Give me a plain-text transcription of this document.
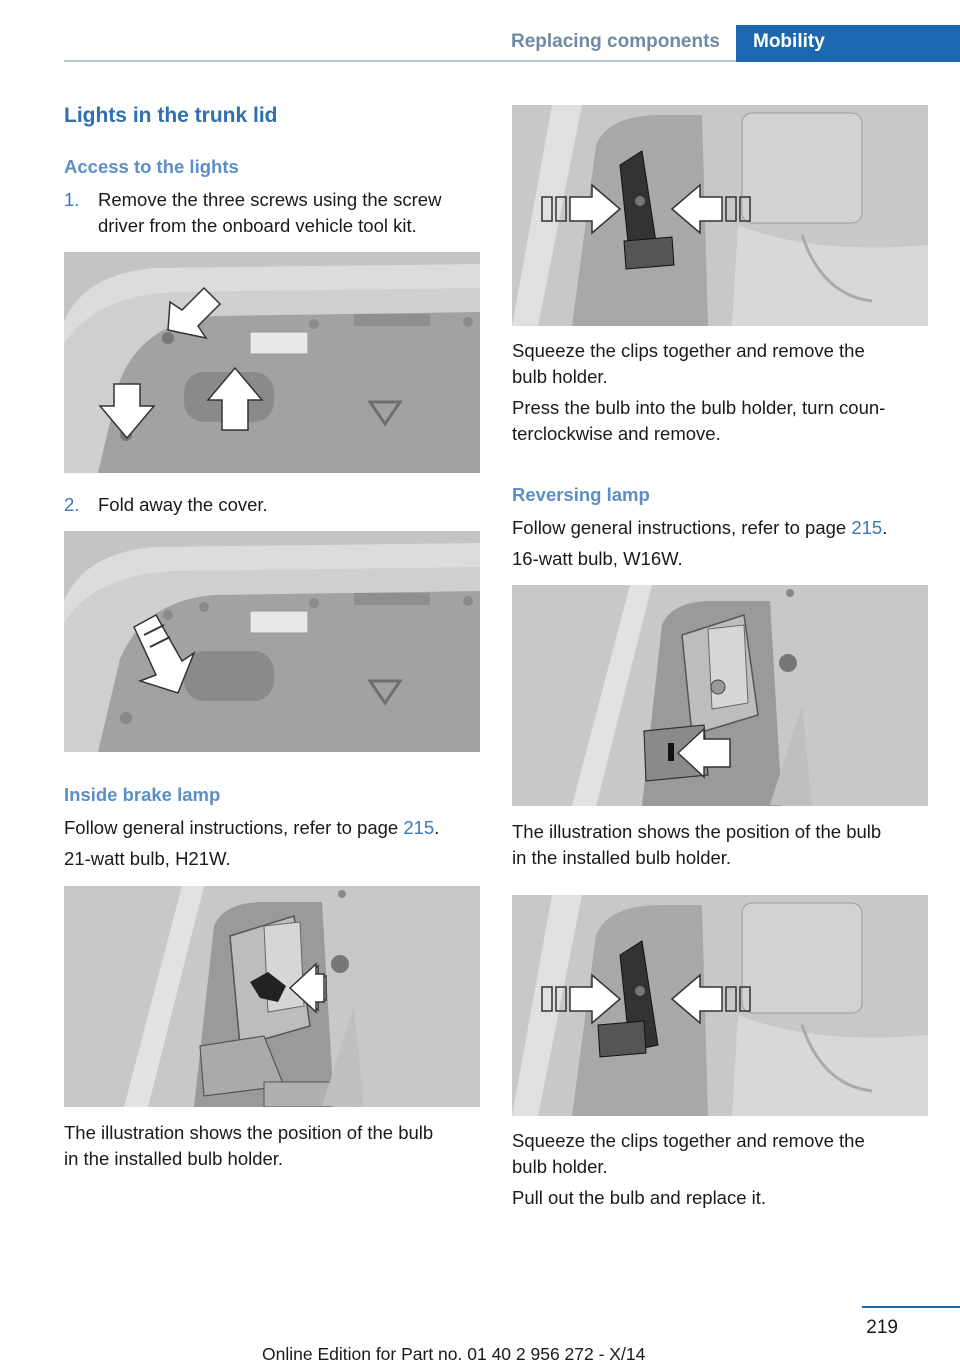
Replacing components	Mobility
Lights in the trunk lid
Access to the lights
1. Remove the three screws using the screw
driver from the onboard vehicle tool kit.
2. Fold away the cover.
Inside brake lamp
Follow general instructions, refer to page 215.
21-watt bulb, H21W.
The illustration shows the position of the bulb
in the installed bulb holder.
Squeeze the clips together and remove the
bulb holder.
Press the bulb into the bulb holder, turn coun‐
terclockwise and remove.
Reversing lamp
Follow general instructions, refer to page 215.
16-watt bulb, W16W.
The illustration shows the position of the bulb
in the installed bulb holder.
Squeeze the clips together and remove the
bulb holder.
Pull out the bulb and replace it.
219
Online Edition for Part no. 01 40 2 956 272 - X/14
